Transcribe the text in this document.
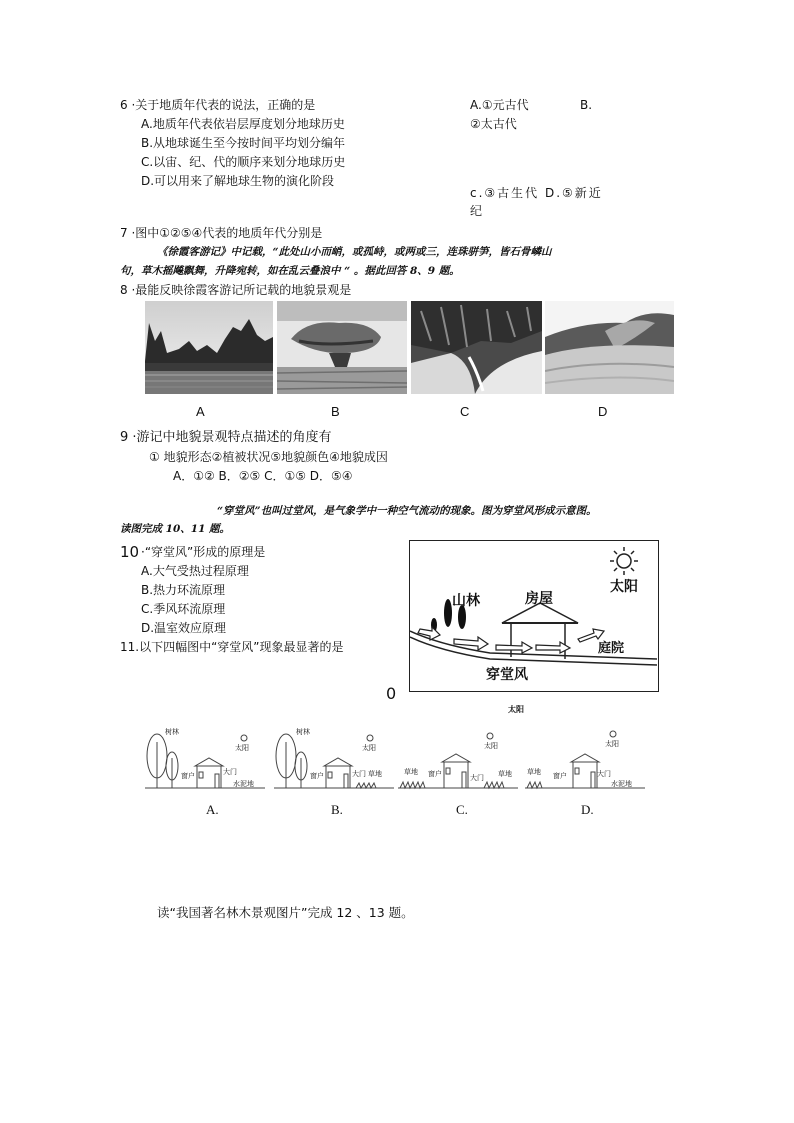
6 ·关于地质年代表的说法，正确的是
A.地质年代表依岩层厚度划分地球历史
B.从地球诞生至今按时间平均划分编年
C.以宙、纪、代的顺序来划分地球历史
D.可以用来了解地球生物的演化阶段
A.①元古代	B.
②太古代
c.③古生代 D.⑤新近
纪
7 ·图中①②⑤④代表的地质年代分别是
《徐霞客游记》中记载，“此处山小而峭，或孤峙，或两或三，连珠骈笋，皆石骨嶙山
句，草木摇飚飘舞，升降宛转，如在乱云叠浪中 “ 。据此回答 8、9 题。
8 ·最能反映徐霞客游记所记载的地貌景观是
A	B	C	D
9 ·游记中地貌景观特点描述的角度有
① 地貌形态②植被状况⑤地貌颜色④地貌成因
A．①② B．②⑤ C．①⑤ D．⑤④
“穿堂风”也叫过堂风，是气象学中一种空气流动的现象。图为穿堂风形成示意图。
读图完成 10、11 题。
10 ·“穿堂风”形成的原理是
A.大气受热过程原理
B.热力环流原理
C.季风环流原理
D.温室效应原理
11.以下四幅图中“穿堂风”现象最显著的是
太阳
山林	房屋
庭院
穿堂风
0
太阳
树林
太阳
窗户	大门
水泥地
树林
太阳
窗户	大门 草地	草地
太阳
窗户	大门 草地 草地
太阳
窗户	大门
水泥地
A.	B.	C.	D.
读“我国著名林木景观图片”完成 12 、13 题。
